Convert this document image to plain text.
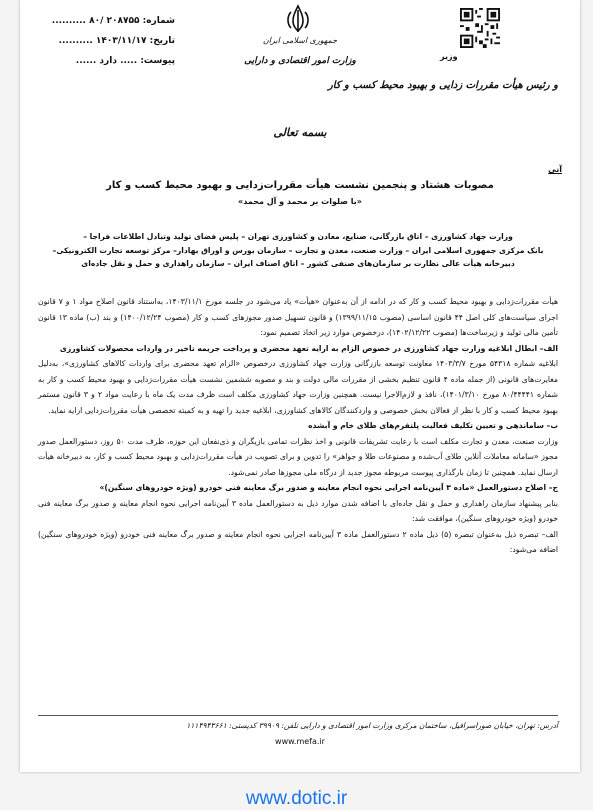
وزیر
و رئیس هیأت مقررات زدایی و بهبود محیط کسب و کار
جمهوری اسلامی ایران
وزارت امور اقتصادی و دارایی
شماره: ۲۰۸۷۵۵ /۸۰ ..........
تاریخ: ۱۴۰۳/۱۱/۱۷ ..........
پیوست: ..... دارد ......
بسمه تعالی
آنی
مصوبات هشتاد و پنجمین نشست هیأت مقررات‌زدایی و بهبود محیط کسب و کار
«با صلوات بر محمد و آل محمد»
وزارت جهاد کشاورزی – اتاق بازرگانی، صنایع، معادن و کشاورزی تهران – پلیس فضای تولید وتبادل اطلاعات فراجا –
بانک مرکزی جمهوری اسلامی ایران – وزارت صنعت، معدن و تجارت – سازمان بورس و اوراق بهادار– مرکز توسعه تجارت الکترونیکی–
دبیرخانه هیأت عالی نظارت بر سازمان‌های صنفی کشور – اتاق اصناف ایران – سازمان راهداری و حمل و نقل جاده‌ای

هیأت مقررات‌زدایی و بهبود محیط کسب و کار که در ادامه از آن به‌عنوان «هیأت» یاد می‌شود در جلسه مورخ ۱۴۰۳/۱۱/۱، به‌استناد قانون اصلاح مواد ۱ و ۷ قانون اجرای سیاست‌های کلی اصل ۴۴ قانون اساسی (مصوب ۱۳۹۹/۱۱/۱۵) و قانون تسهیل صدور مجوزهای کسب و کار (مصوب ۱۴۰۰/۱۲/۲۴) و بند (ب) ماده ۱۳ قانون تأمین مالی تولید و زیرساخت‌ها (مصوب ۱۴۰۲/۱۲/۲۲)، درخصوص موارد زیر اتخاذ تصمیم نمود:

الف– ابطال ابلاغیه وزارت جهاد کشاورزی در خصوص الزام به ارایه تعهد محضری و پرداخت جریمه تاخیر در واردات محصولات کشاورزی

ابلاغیه شماره ۵۴۳۱۸ مورخ ۱۴۰۳/۳/۷ معاونت توسعه بازرگانی وزارت جهاد کشاورزی درخصوص «الزام تعهد محضری برای واردات کالاهای کشاورزی»، به‌دلیل مغایرت‌های قانونی (از جمله ماده ۴ قانون تنظیم بخشی از مقررات مالی دولت و بند و مصوبه ششمین نشست هیأت مقررات‌زدایی و بهبود محیط کسب و کار به شماره ۸۰/۴۴۴۴۱ مورخ ۱۴۰۱/۳/۱۰)، نافذ و لازم‌الاجرا نیست. همچنین وزارت جهاد کشاورزی مکلف است ظرف مدت یک ماه با رعایت مواد ۲ و ۳ قانون مستمر بهبود محیط کسب و کار با نظر از فعالان بخش خصوصی و واردکنندگان کالاهای کشاورزی، ابلاغیه جدید را تهیه و به کمیته تخصصی هیأت مقررات‌زدایی ارایه نماید.

ب– ساماندهی و تعیین تکلیف فعالیت پلتفرم‌های طلای خام و آبشده

وزارت صنعت، معدن و تجارت مکلف است با رعایت تشریفات قانونی و اخذ نظرات تمامی بازیگران و ذی‌نفعان این حوزه، ظرف مدت ۵۰ روز، دستورالعمل صدور مجوز «سامانه معاملات آنلاین طلای آب‌شده و مصنوعات طلا و جواهر» را تدوین و برای تصویب در هیأت مقررات‌زدایی و بهبود محیط کسب و کار، به دبیرخانه هیأت ارسال نماید. همچنین تا زمان بارگذاری پیوست مربوطه مجوز جدید از درگاه ملی مجوزها صادر نمی‌شود.

ج– اصلاح دستورالعمل «ماده ۳ آیین‌نامه اجرایی نحوه انجام معاینه و صدور برگ معاینه فنی خودرو (ویژه خودروهای سنگین)»

بنابر پیشنهاد سازمان راهداری و حمل و نقل جاده‌ای با اضافه شدن موارد ذیل به دستورالعمل ماده ۳ آیین‌نامه اجرایی نحوه انجام معاینه و صدور برگ معاینه فنی خودرو (ویژه خودروهای سنگین)، موافقت شد:

الف– تبصره ذیل به‌عنوان تبصره (۵) ذیل ماده ۲ دستورالعمل ماده ۳ آیین‌نامه اجرایی نحوه انجام معاینه و صدور برگ معاینه فنی خودرو (ویژه خودروهای سنگین) اضافه می‌شود:

آدرس: تهران، خیابان صوراسرافیل، ساختمان مرکزی وزارت امور اقتصادی و دارایی تلفن: ۳۹۹۰۹ کدپستی: ۱۱۱۴۹۴۳۶۶۱
www.mefa.ir
www.dotic.ir
